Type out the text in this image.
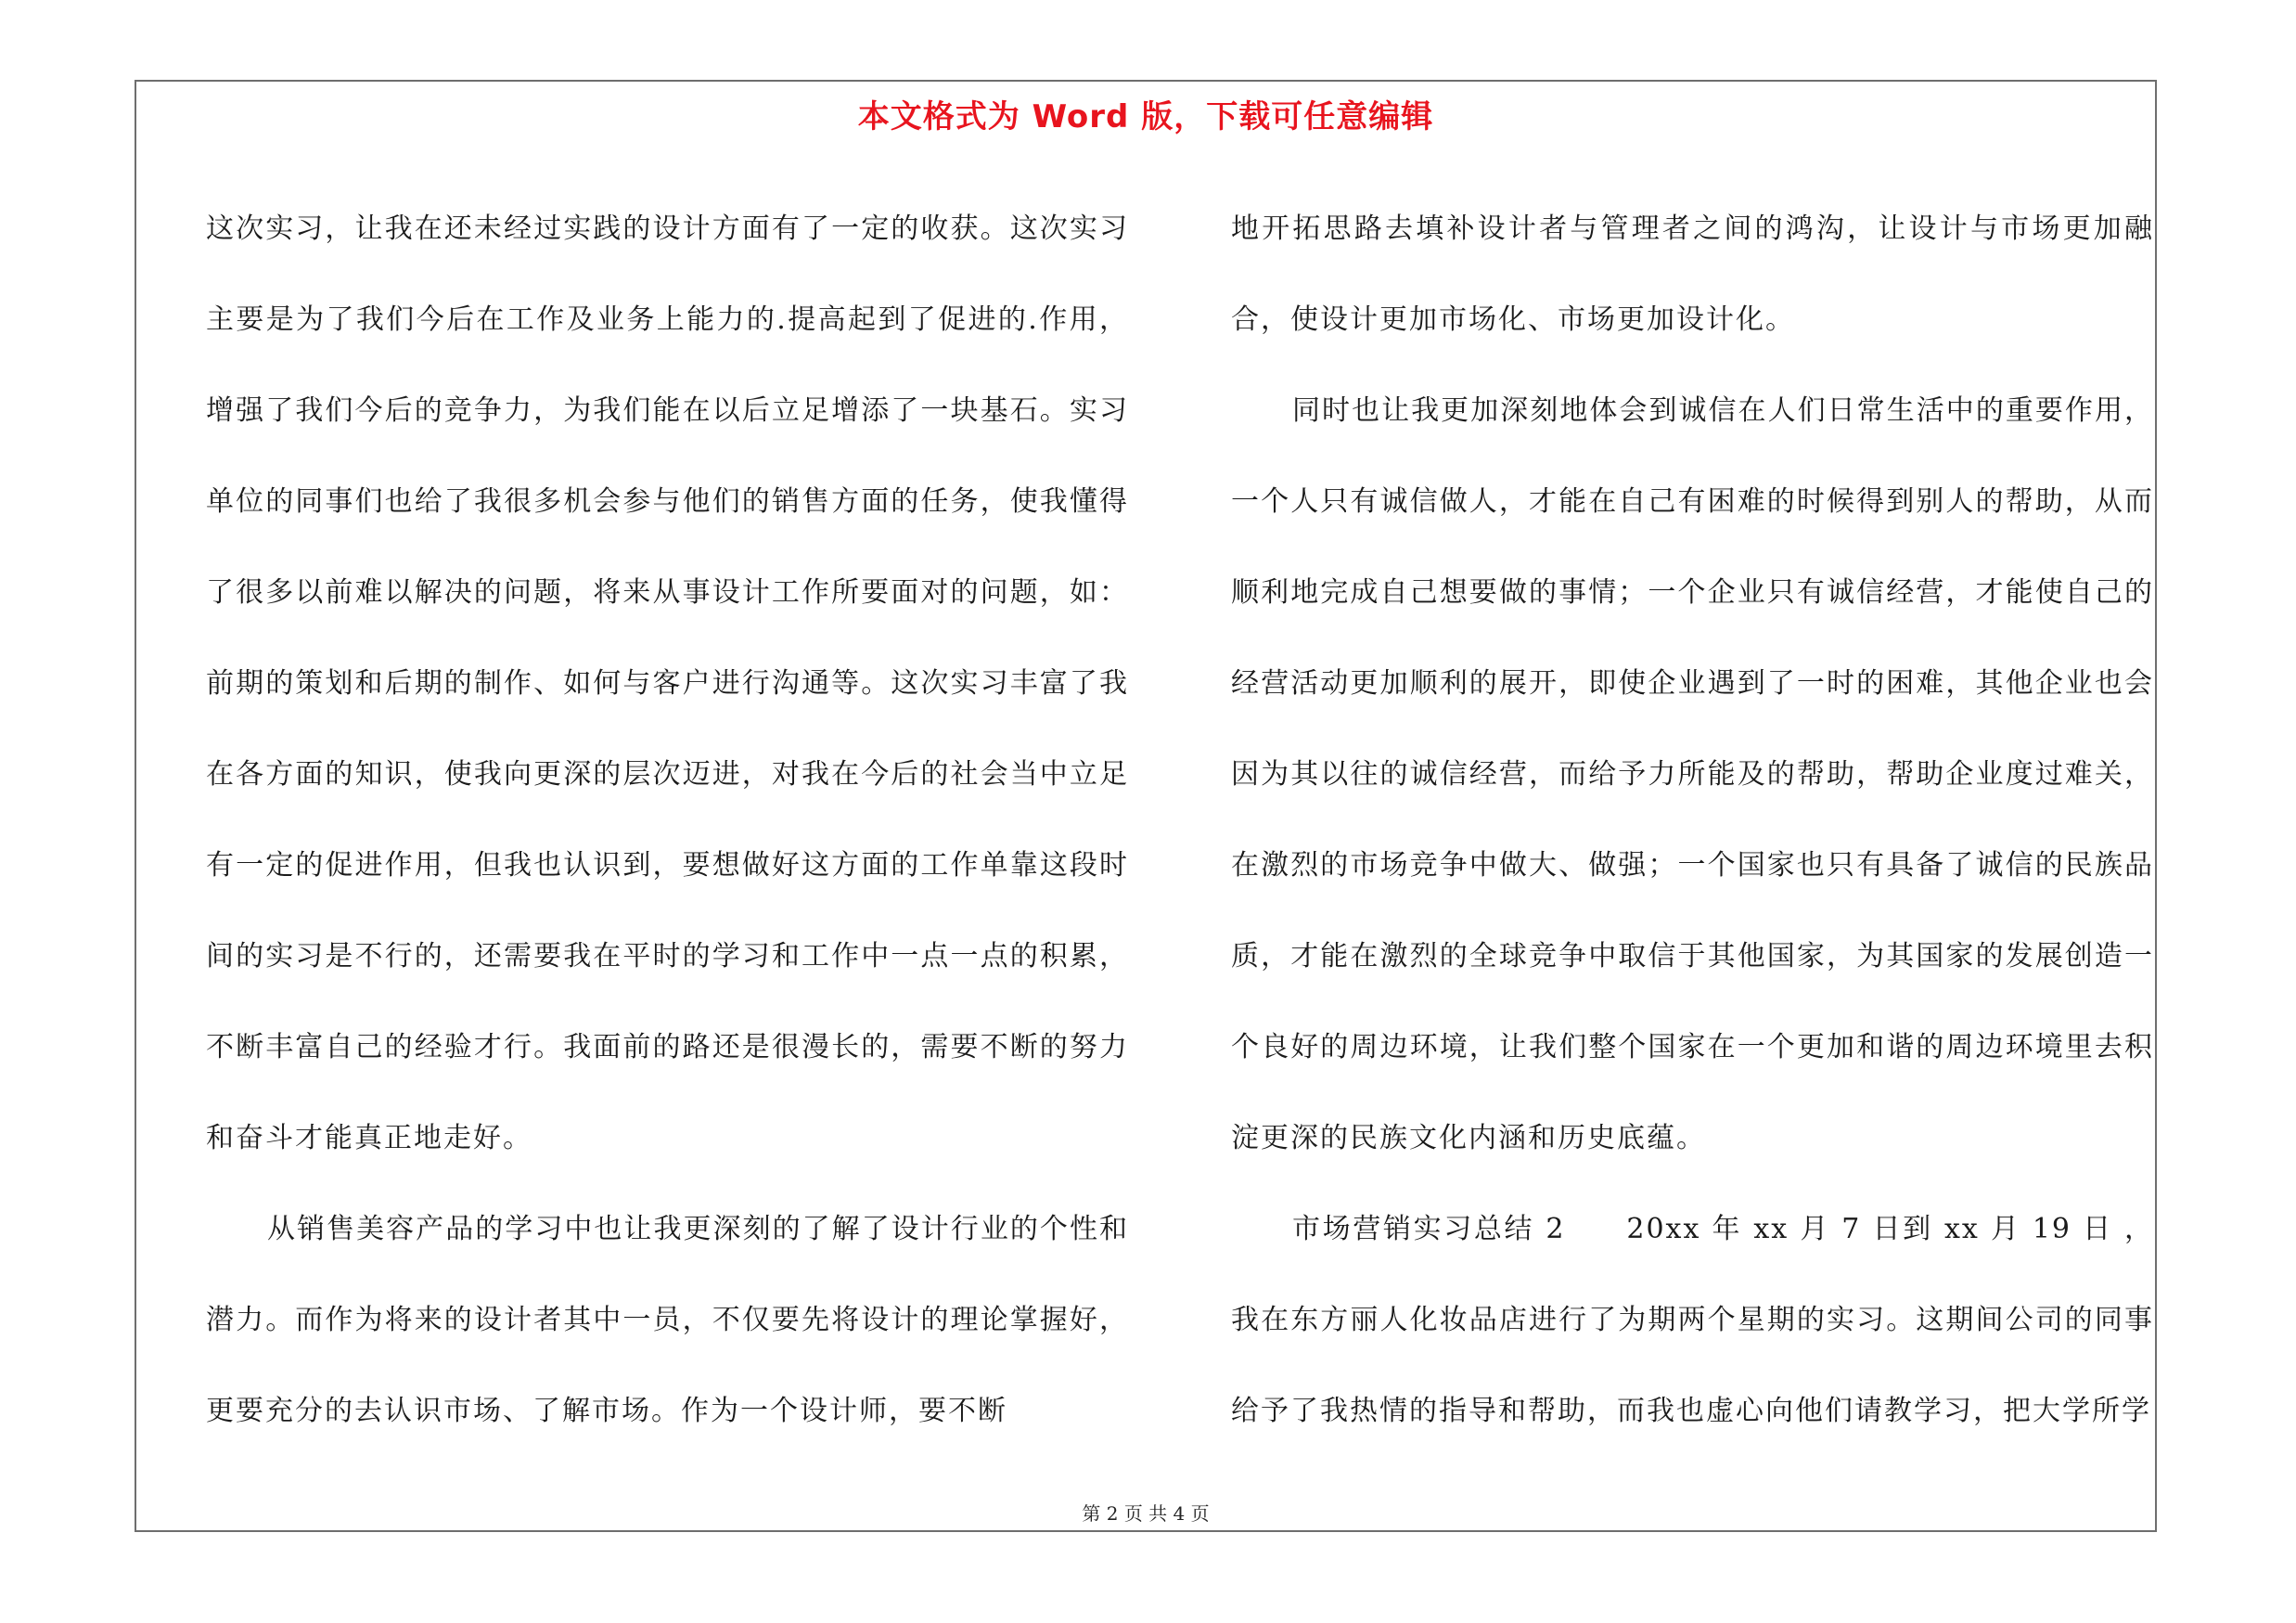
本文格式为 Word 版，下载可任意编辑

这次实习，让我在还未经过实践的设计方面有了一定的收获。这次实习主要是为了我们今后在工作及业务上能力的.提高起到了促进的.作用，增强了我们今后的竞争力，为我们能在以后立足增添了一块基石。实习单位的同事们也给了我很多机会参与他们的销售方面的任务，使我懂得了很多以前难以解决的问题，将来从事设计工作所要面对的问题，如：前期的策划和后期的制作、如何与客户进行沟通等。这次实习丰富了我在各方面的知识，使我向更深的层次迈进，对我在今后的社会当中立足有一定的促进作用，但我也认识到，要想做好这方面的工作单靠这段时间的实习是不行的，还需要我在平时的学习和工作中一点一点的积累，不断丰富自己的经验才行。我面前的路还是很漫长的，需要不断的努力和奋斗才能真正地走好。

从销售美容产品的学习中也让我更深刻的了解了设计行业的个性和潜力。而作为将来的设计者其中一员，不仅要先将设计的理论掌握好，更要充分的去认识市场、了解市场。作为一个设计师，要不断

地开拓思路去填补设计者与管理者之间的鸿沟，让设计与市场更加融合，使设计更加市场化、市场更加设计化。

同时也让我更加深刻地体会到诚信在人们日常生活中的重要作用，一个人只有诚信做人，才能在自己有困难的时候得到别人的帮助，从而顺利地完成自己想要做的事情；一个企业只有诚信经营，才能使自己的经营活动更加顺利的展开，即使企业遇到了一时的困难，其他企业也会因为其以往的诚信经营，而给予力所能及的帮助，帮助企业度过难关，在激烈的市场竞争中做大、做强；一个国家也只有具备了诚信的民族品质，才能在激烈的全球竞争中取信于其他国家，为其国家的发展创造一个良好的周边环境，让我们整个国家在一个更加和谐的周边环境里去积淀更深的民族文化内涵和历史底蕴。

市场营销实习总结 2　　20xx 年 xx 月 7 日到 xx 月 19 日 ，我在东方丽人化妆品店进行了为期两个星期的实习。这期间公司的同事给予了我热情的指导和帮助，而我也虚心向他们请教学习，把大学所学

第 2 页 共 4 页
